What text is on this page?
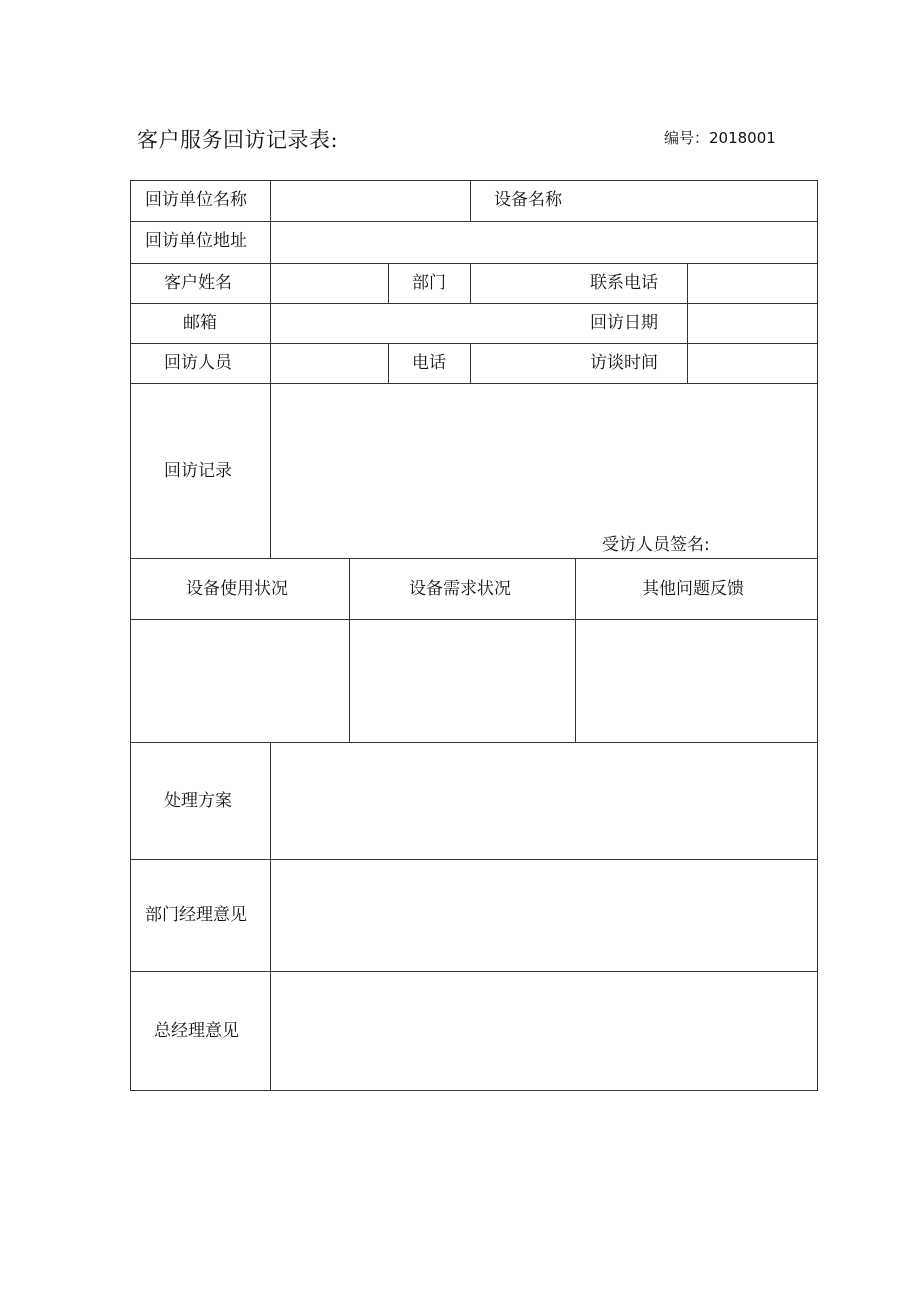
客户服务回访记录表:	编号：2018001
回访单位名称	设备名称
回访单位地址
客户姓名	部门	联系电话
邮箱	回访日期
回访人员	电话	访谈时间
回访记录
受访人员签名:
设备使用状况	设备需求状况	其他问题反馈
处理方案
部门经理意见
总经理意见
